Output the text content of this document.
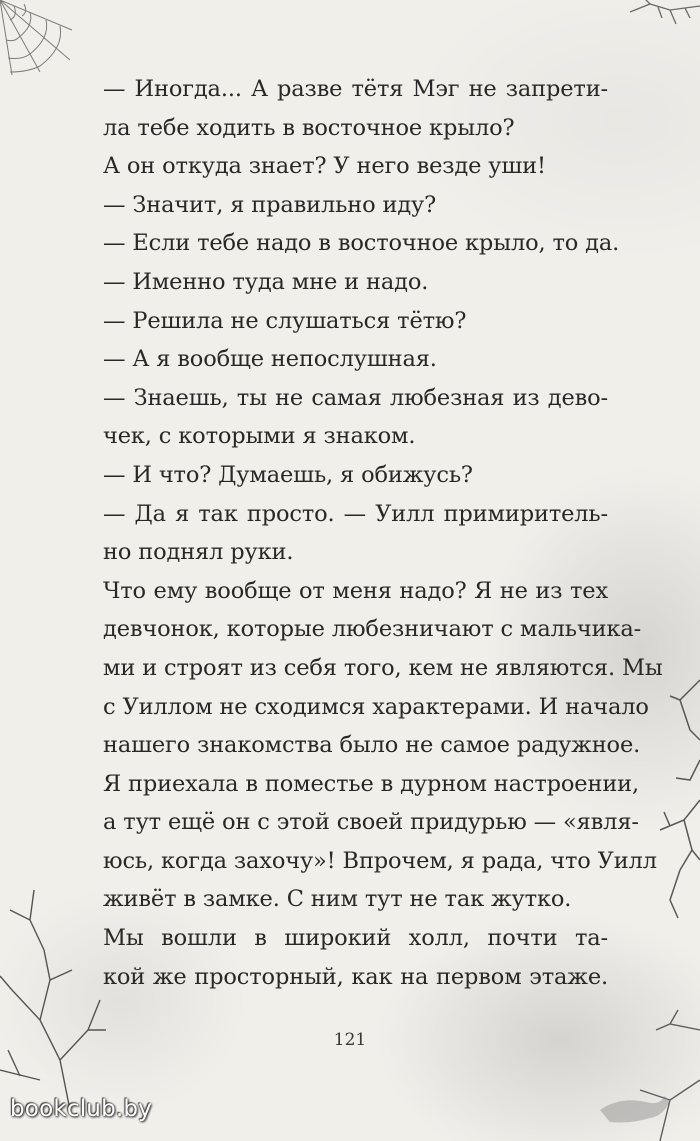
— Иногда... А разве тётя Мэг не запрети-
ла тебе ходить в восточное крыло?
А он откуда знает? У него везде уши!
— Значит, я правильно иду?
— Если тебе надо в восточное крыло, то да.
— Именно туда мне и надо.
— Решила не слушаться тётю?
— А я вообще непослушная.
— Знаешь, ты не самая любезная из дево-
чек, с которыми я знаком.
— И что? Думаешь, я обижусь?
— Да я так просто. — Уилл примиритель-
но поднял руки.
Что ему вообще от меня надо? Я не из тех
девчонок, которые любезничают с мальчика-
ми и строят из себя того, кем не являются. Мы
с Уиллом не сходимся характерами. И начало
нашего знакомства было не самое радужное.
Я приехала в поместье в дурном настроении,
а тут ещё он с этой своей придурью — «явля-
юсь, когда захочу»! Впрочем, я рада, что Уилл
живёт в замке. С ним тут не так жутко.
Мы вошли в широкий холл, почти та-
кой же просторный, как на первом этаже.
121
bookclub.by
